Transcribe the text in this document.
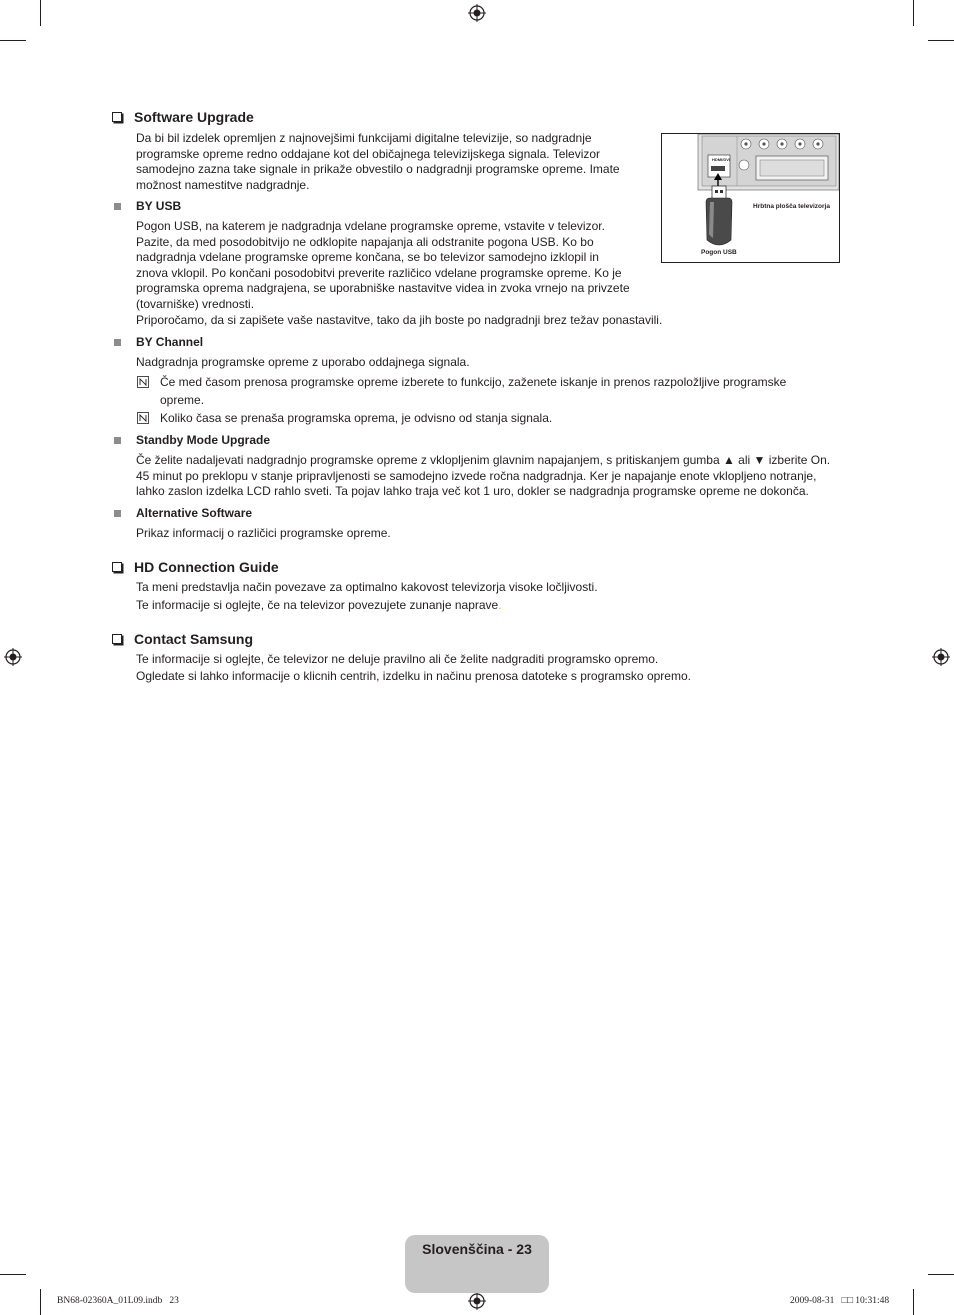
Software Upgrade
Da bi bil izdelek opremljen z najnovejšimi funkcijami digitalne televizije, so nadgradnje
programske opreme redno oddajane kot del običajnega televizijskega signala. Televizor
samodejno zazna take signale in prikaže obvestilo o nadgradnji programske opreme. Imate
možnost namestitve nadgradnje.
BY USB
Pogon USB, na katerem je nadgradnja vdelane programske opreme, vstavite v televizor.
Pazite, da med posodobitvijo ne odklopite napajanja ali odstranite pogona USB. Ko bo
nadgradnja vdelane programske opreme končana, se bo televizor samodejno izklopil in
znova vklopil. Po končani posodobitvi preverite različico vdelane programske opreme. Ko je
programska oprema nadgrajena, se uporabniške nastavitve videa in zvoka vrnejo na privzete
(tovarniške) vrednosti.
Priporočamo, da si zapišete vaše nastavitve, tako da jih boste po nadgradnji brez težav ponastavili.
HDMI/DVI
Hrbtna plošča televizorja
Pogon USB
BY Channel
Nadgradnja programske opreme z uporabo oddajnega signala.
Če med časom prenosa programske opreme izberete to funkcijo, zaženete iskanje in prenos razpoložljive programske
opreme.
Koliko časa se prenaša programska oprema, je odvisno od stanja signala.
Standby Mode Upgrade
Če želite nadaljevati nadgradnjo programske opreme z vklopljenim glavnim napajanjem, s pritiskanjem gumba ▲ ali ▼ izberite On.
45 minut po preklopu v stanje pripravljenosti se samodejno izvede ročna nadgradnja. Ker je napajanje enote vklopljeno notranje,
lahko zaslon izdelka LCD rahlo sveti. Ta pojav lahko traja več kot 1 uro, dokler se nadgradnja programske opreme ne dokonča.
Alternative Software
Prikaz informacij o različici programske opreme.
HD Connection Guide
Ta meni predstavlja način povezave za optimalno kakovost televizorja visoke ločljivosti.
Te informacije si oglejte, če na televizor povezujete zunanje naprave.
Contact Samsung
Te informacije si oglejte, če televizor ne deluje pravilno ali če želite nadgraditi programsko opremo.
Ogledate si lahko informacije o klicnih centrih, izdelku in načinu prenosa datoteke s programsko opremo.
Slovenščina - 23
BN68-02360A_01L09.indb   23	2009-08-31   □□ 10:31:48
